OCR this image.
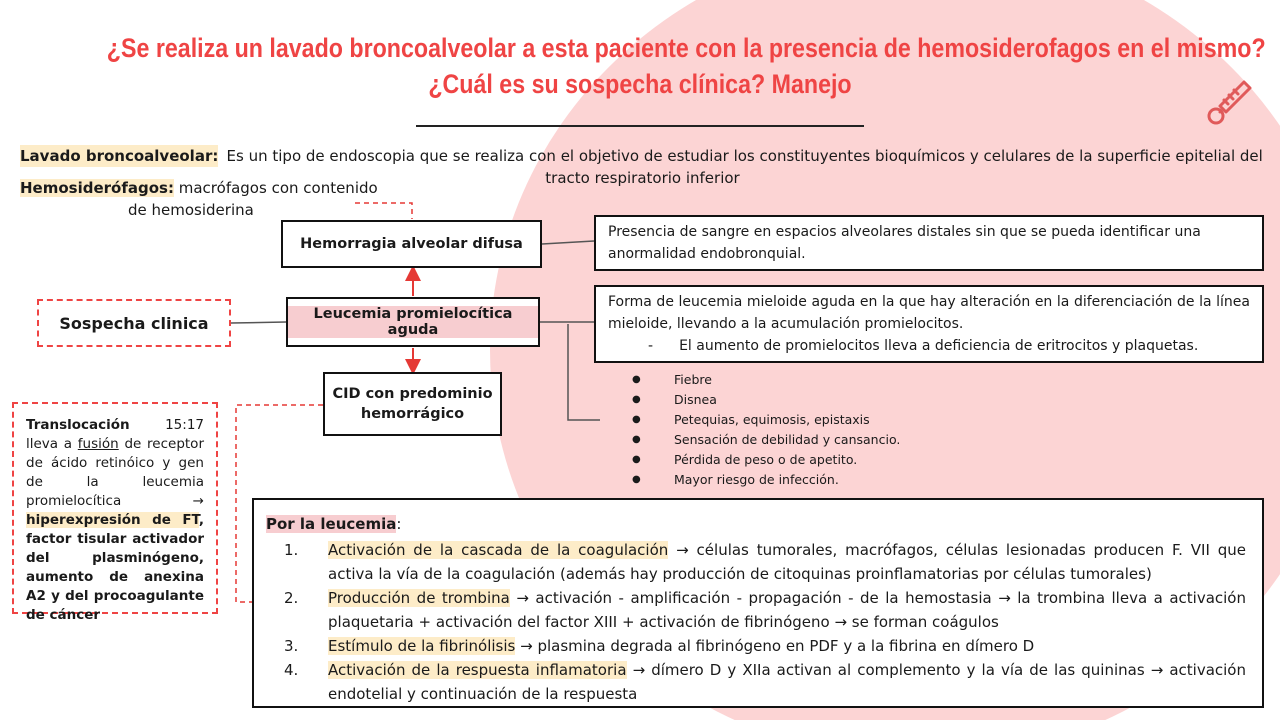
¿Se realiza un lavado broncoalveolar a esta paciente con la presencia de hemosiderofagos en el mismo?
¿Cuál es su sospecha clínica? Manejo
Lavado broncoalveolar: Es un tipo de endoscopia que se realiza con el objetivo de estudiar los constituyentes bioquímicos y celulares de la superficie epitelial del tracto respiratorio inferior
Hemosiderófagos: macrófagos con contenido
de hemosiderina
Sospecha clinica
Hemorragia alveolar difusa
Leucemia promielocítica aguda
CID con predominio hemorrágico
Presencia de sangre en espacios alveolares distales sin que se pueda identificar una anormalidad endobronquial.
Forma de leucemia mieloide aguda en la que hay alteración en la diferenciación de la línea mieloide, llevando a la acumulación promielocitos.
- El aumento de promielocitos lleva a deficiencia de eritrocitos y plaquetas.
● Fiebre
● Disnea
● Petequias, equimosis, epistaxis
● Sensación de debilidad y cansancio.
● Pérdida de peso o de apetito.
● Mayor riesgo de infección.
Translocación 15:17 lleva a fusión de receptor de ácido retinóico y gen de la leucemia promielocítica → hiperexpresión de FT, factor tisular activador del plasminógeno, aumento de anexina A2 y del procoagulante de cáncer
Por la leucemia:
1. Activación de la cascada de la coagulación → células tumorales, macrófagos, células lesionadas producen F. VII que activa la vía de la coagulación (además hay producción de citoquinas proinflamatorias por células tumorales)
2. Producción de trombina → activación - amplificación - propagación - de la hemostasia → la trombina lleva a activación plaquetaria + activación del factor XIII + activación de fibrinógeno → se forman coágulos
3. Estímulo de la fibrinólisis → plasmina degrada al fibrinógeno en PDF y a la fibrina en dímero D
4. Activación de la respuesta inflamatoria → dímero D y XIIa activan al complemento y la vía de las quininas → activación endotelial y continuación de la respuesta
